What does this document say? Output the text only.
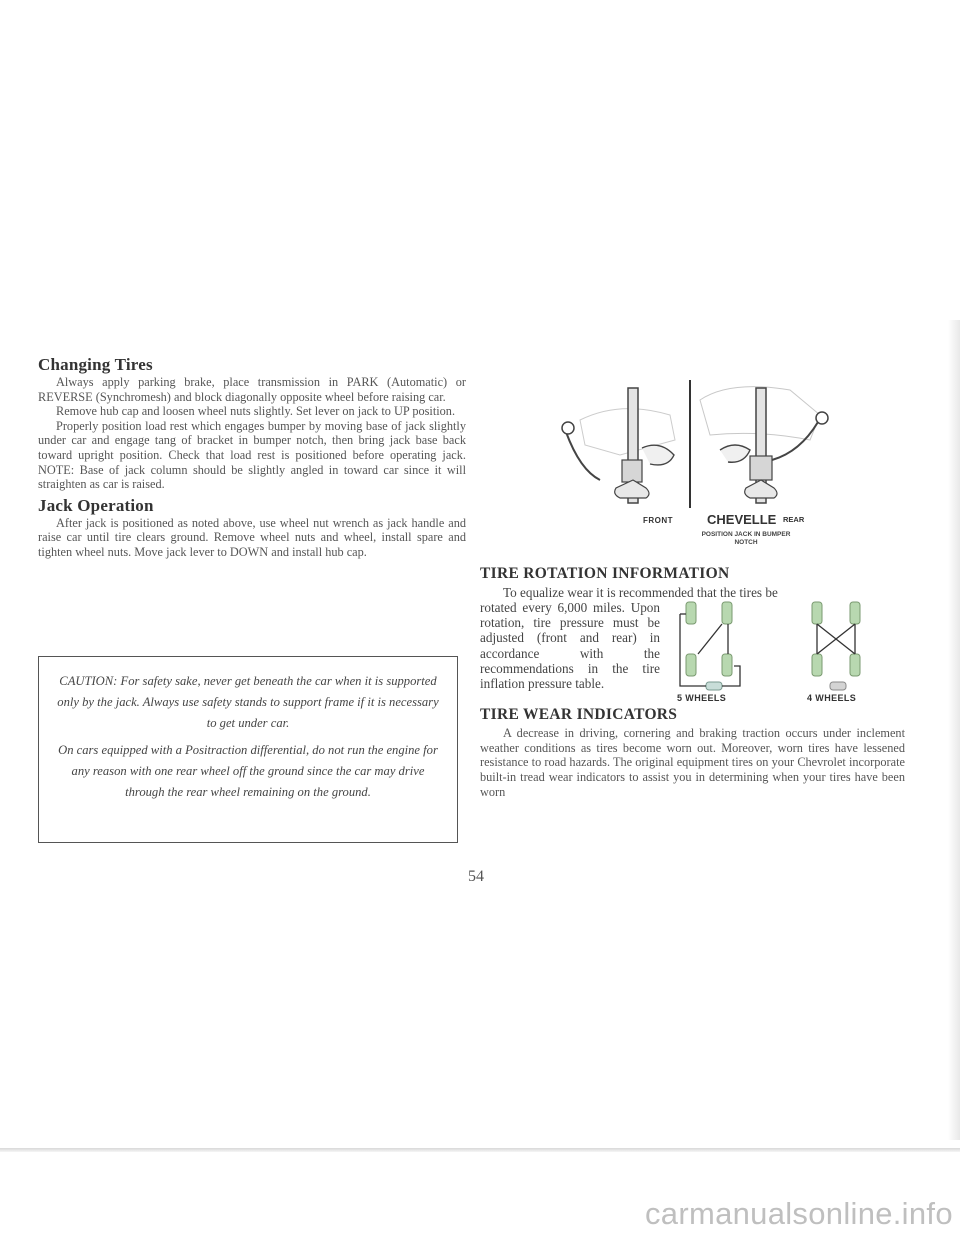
Changing Tires

Always apply parking brake, place transmission in PARK (Automatic) or REVERSE (Synchromesh) and block diagonally opposite wheel before raising car.

Remove hub cap and loosen wheel nuts slightly. Set lever on jack to UP position.

Properly position load rest which engages bumper by moving base of jack slightly under car and engage tang of bracket in bumper notch, then bring jack base back toward upright position. Check that load rest is positioned before operating jack. NOTE: Base of jack column should be slightly angled in toward car since it will straighten as car is raised.

Jack Operation

After jack is positioned as noted above, use wheel nut wrench as jack handle and raise car until tire clears ground. Remove wheel nuts and wheel, install spare and tighten wheel nuts. Move jack lever to DOWN and install hub cap.

CAUTION: For safety sake, never get beneath the car when it is supported only by the jack. Always use safety stands to support frame if it is necessary to get under car.

On cars equipped with a Positraction differential, do not run the engine for any reason with one rear wheel off the ground since the car may drive through the rear wheel remaining on the ground.

FRONT	CHEVELLE REAR
POSITION JACK IN BUMPER NOTCH
TIRE ROTATION INFORMATION

To equalize wear it is recommended that the tires be

rotated every 6,000 miles. Upon rotation, tire pressure must be adjusted (front and rear) in accordance with the recommendations in the tire inflation pressure table.

5 WHEELS	4 WHEELS
TIRE WEAR INDICATORS

A decrease in driving, cornering and braking traction occurs under inclement weather conditions as tires become worn out. Moreover, worn tires have lessened resistance to road hazards. The original equipment tires on your Chevrolet incorporate built-in tread wear indicators to assist you in determining when your tires have been worn

54
carmanualsonline.info
